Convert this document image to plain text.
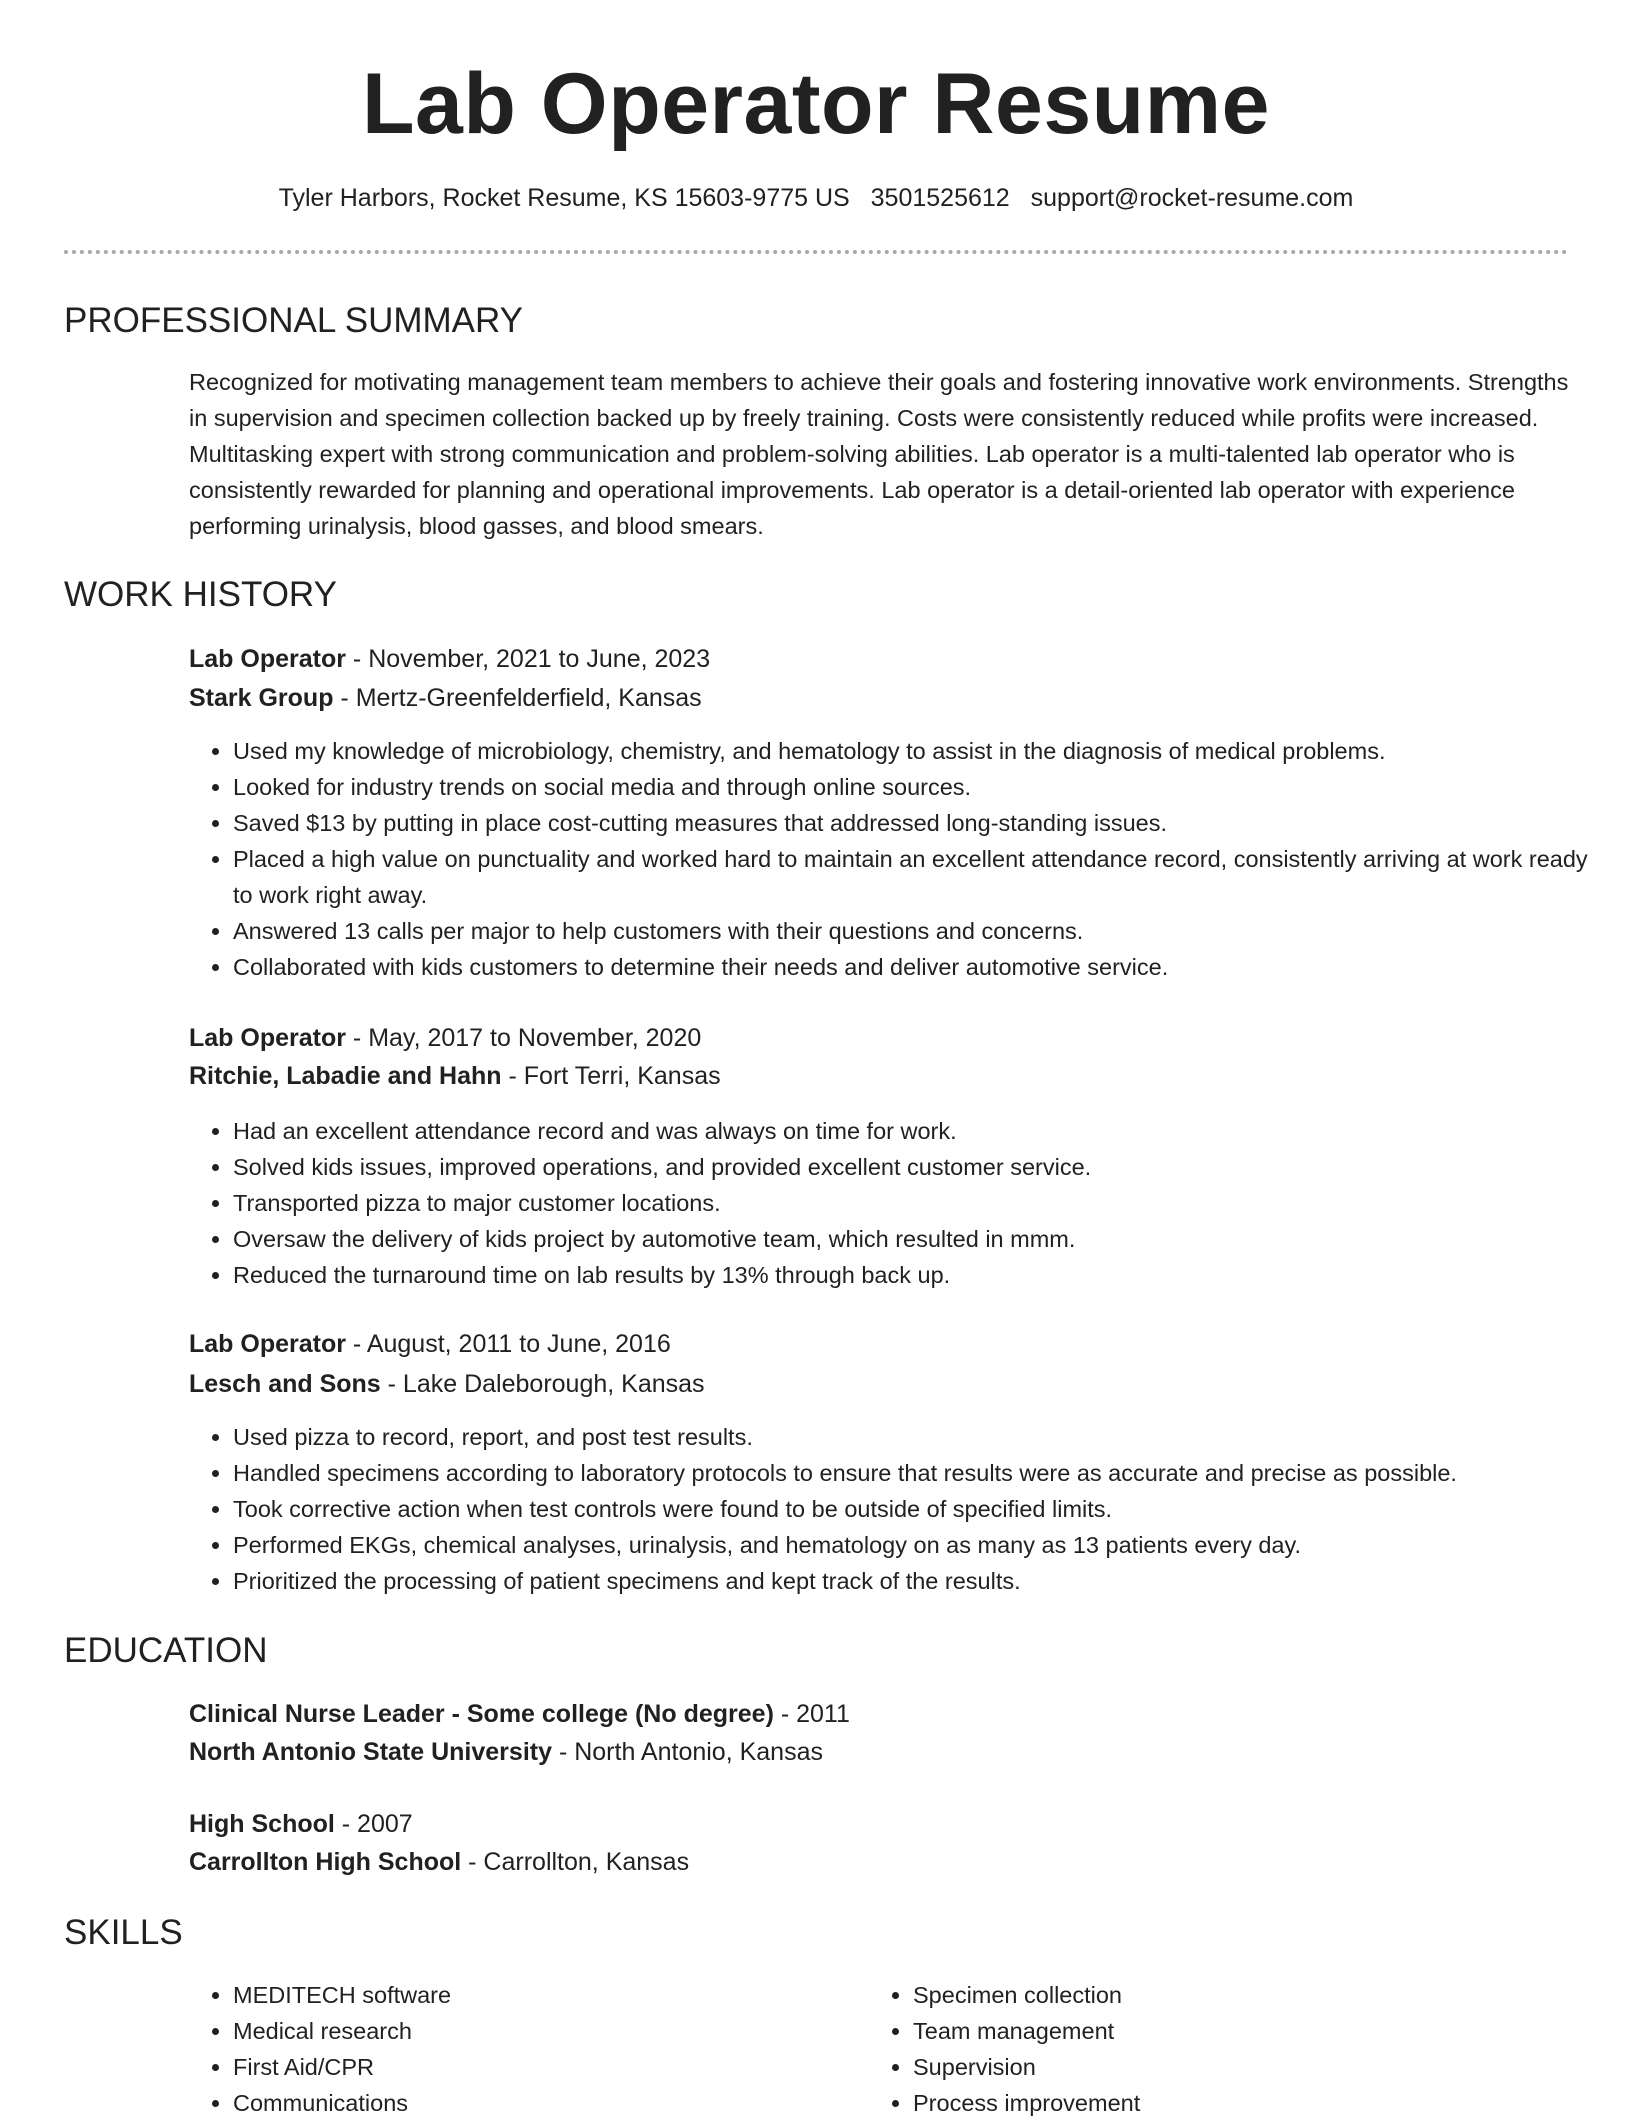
Lab Operator Resume
Tyler Harbors, Rocket Resume, KS 15603-9775 US 3501525612 support@rocket-resume.com
PROFESSIONAL SUMMARY

Recognized for motivating management team members to achieve their goals and fostering innovative work environments. Strengths in supervision and specimen collection backed up by freely training. Costs were consistently reduced while profits were increased. Multitasking expert with strong communication and problem-solving abilities. Lab operator is a multi-talented lab operator who is consistently rewarded for planning and operational improvements. Lab operator is a detail-oriented lab operator with experience performing urinalysis, blood gasses, and blood smears.

WORK HISTORY
Lab Operator - November, 2021 to June, 2023
Stark Group - Mertz-Greenfelderfield, Kansas
• Used my knowledge of microbiology, chemistry, and hematology to assist in the diagnosis of medical problems.
• Looked for industry trends on social media and through online sources.
• Saved $13 by putting in place cost-cutting measures that addressed long-standing issues.
• Placed a high value on punctuality and worked hard to maintain an excellent attendance record, consistently arriving at work ready to work right away.
• Answered 13 calls per major to help customers with their questions and concerns.
• Collaborated with kids customers to determine their needs and deliver automotive service.
Lab Operator - May, 2017 to November, 2020
Ritchie, Labadie and Hahn - Fort Terri, Kansas
• Had an excellent attendance record and was always on time for work.
• Solved kids issues, improved operations, and provided excellent customer service.
• Transported pizza to major customer locations.
• Oversaw the delivery of kids project by automotive team, which resulted in mmm.
• Reduced the turnaround time on lab results by 13% through back up.
Lab Operator - August, 2011 to June, 2016
Lesch and Sons - Lake Daleborough, Kansas
• Used pizza to record, report, and post test results.
• Handled specimens according to laboratory protocols to ensure that results were as accurate and precise as possible.
• Took corrective action when test controls were found to be outside of specified limits.
• Performed EKGs, chemical analyses, urinalysis, and hematology on as many as 13 patients every day.
• Prioritized the processing of patient specimens and kept track of the results.
EDUCATION
Clinical Nurse Leader - Some college (No degree) - 2011
North Antonio State University - North Antonio, Kansas
High School - 2007
Carrollton High School - Carrollton, Kansas
SKILLS
• MEDITECH software
• Medical research
• First Aid/CPR
• Communications
• Specimen collection
• Team management
• Supervision
• Process improvement
